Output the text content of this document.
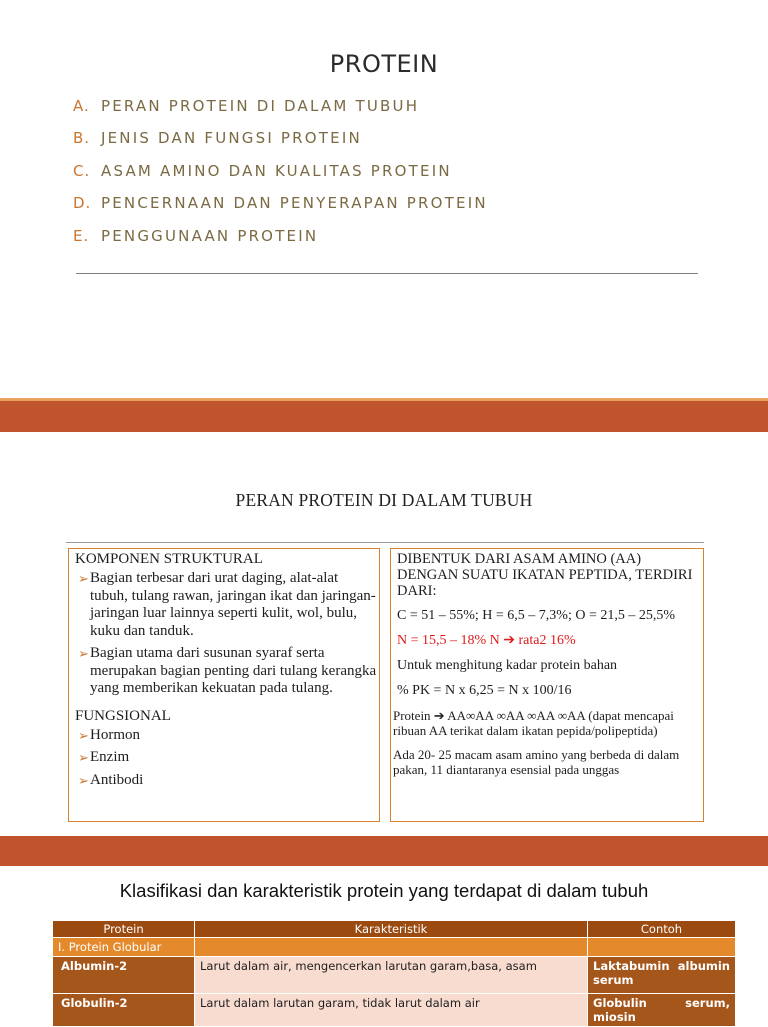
PROTEIN
A. PERAN PROTEIN DI DALAM TUBUH
B. JENIS DAN FUNGSI PROTEIN
C. ASAM AMINO DAN KUALITAS PROTEIN
D. PENCERNAAN DAN PENYERAPAN PROTEIN
E. PENGGUNAAN PROTEIN
PERAN PROTEIN DI DALAM TUBUH
KOMPONEN STRUKTURAL
➢ Bagian terbesar dari urat daging, alat-alat tubuh, tulang rawan, jaringan ikat dan jaringan-jaringan luar lainnya seperti kulit, wol, bulu, kuku dan tanduk.
➢ Bagian utama dari susunan syaraf serta merupakan bagian penting dari tulang kerangka yang memberikan kekuatan pada tulang.
FUNGSIONAL
➢ Hormon
➢ Enzim
➢ Antibodi
DIBENTUK DARI ASAM AMINO (AA) DENGAN SUATU IKATAN PEPTIDA, TERDIRI DARI:
C = 51 – 55%; H = 6,5 – 7,3%; O = 21,5 – 25,5%
N = 15,5 – 18% N ➔ rata2 16%
Untuk menghitung kadar protein bahan
% PK = N x 6,25 = N x 100/16
Protein ➔ AA∞AA ∞AA ∞AA ∞AA (dapat mencapai ribuan AA terikat dalam ikatan pepida/polipeptida)
Ada 20- 25 macam asam amino yang berbeda di dalam pakan, 11 diantaranya esensial pada unggas
Klasifikasi dan karakteristik protein yang terdapat di dalam tubuh
Protein	Karakteristik	Contoh
I. Protein Globular		
Albumin-2	Larut dalam air, mengencerkan larutan garam,basa, asam	Laktabumin albumin serum
Globulin-2	Larut dalam larutan garam, tidak larut dalam air	Globulin serum, miosin
